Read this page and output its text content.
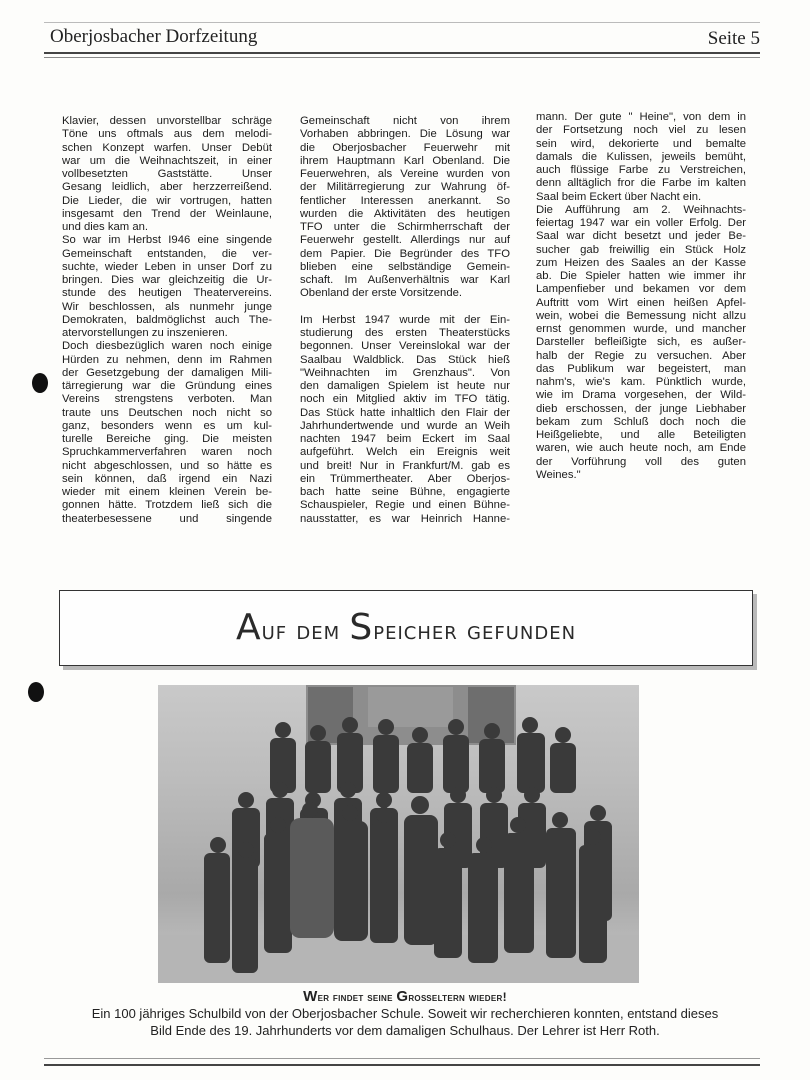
Oberjosbacher Dorfzeitung	Seite 5
Klavier, dessen unvorstellbar schräge
Töne uns oftmals aus dem melodi-
schen Konzept warfen. Unser Debüt
war um die Weihnachtszeit, in einer
vollbesetzten Gaststätte. Unser
Gesang leidlich, aber herzzerreißend.
Die Lieder, die wir vortrugen, hatten
insgesamt den Trend der Weinlaune,
und dies kam an.
So war im Herbst I946 eine singende
Gemeinschaft entstanden, die ver-
suchte, wieder Leben in unser Dorf zu
bringen. Dies war gleichzeitig die Ur-
stunde des heutigen Theatervereins.
Wir beschlossen, als nunmehr junge
Demokraten, baldmöglichst auch The-
atervorstellungen zu inszenieren.
Doch diesbezüglich waren noch einige
Hürden zu nehmen, denn im Rahmen
der Gesetzgebung der damaligen Mili-
tärregierung war die Gründung eines
Vereins strengstens verboten. Man
traute uns Deutschen noch nicht so
ganz, besonders wenn es um kul-
turelle Bereiche ging. Die meisten
Spruchkammerverfahren waren noch
nicht abgeschlossen, und so hätte es
sein können, daß irgend ein Nazi
wieder mit einem kleinen Verein be-
gonnen hätte. Trotzdem ließ sich die
theaterbesessene und singende
Gemeinschaft nicht von ihrem
Vorhaben abbringen. Die Lösung war
die Oberjosbacher Feuerwehr mit
ihrem Hauptmann Karl Obenland. Die
Feuerwehren, als Vereine wurden von
der Militärregierung zur Wahrung öf-
fentlicher Interessen anerkannt. So
wurden die Aktivitäten des heutigen
TFO unter die Schirmherrschaft der
Feuerwehr gestellt. Allerdings nur auf
dem Papier. Die Begründer des TFO
blieben eine selbständige Gemein-
schaft. Im Außenverhältnis war Karl
Obenland der erste Vorsitzende.
Im Herbst 1947 wurde mit der Ein-
studierung des ersten Theaterstücks
begonnen. Unser Vereinslokal war der
Saalbau Waldblick. Das Stück hieß
"Weihnachten im Grenzhaus". Von
den damaligen Spielem ist heute nur
noch ein Mitglied aktiv im TFO tätig.
Das Stück hatte inhaltlich den Flair der
Jahrhundertwende und wurde an Weih
nachten 1947 beim Eckert im Saal
aufgeführt. Welch ein Ereignis weit
und breit! Nur in Frankfurt/M. gab es
ein Trümmertheater. Aber Oberjos-
bach hatte seine Bühne, engagierte
Schauspieler, Regie und einen Bühne-
nausstatter, es war Heinrich Hanne-
mann. Der gute " Heine", von dem in
der Fortsetzung noch viel zu lesen
sein wird, dekorierte und bemalte
damals die Kulissen, jeweils bemüht,
auch flüssige Farbe zu Verstreichen,
denn alltäglich fror die Farbe im kalten
Saal beim Eckert über Nacht ein.
Die Aufführung am 2. Weihnachts-
feiertag 1947 war ein voller Erfolg. Der
Saal war dicht besetzt und jeder Be-
sucher gab freiwillig ein Stück Holz
zum Heizen des Saales an der Kasse
ab. Die Spieler hatten wie immer ihr
Lampenfieber und bekamen vor dem
Auftritt vom Wirt einen heißen Apfel-
wein, wobei die Bemessung nicht allzu
ernst genommen wurde, und mancher
Darsteller befleißigte sich, es außer-
halb der Regie zu versuchen. Aber
das Publikum war begeistert, man
nahm's, wie's kam. Pünktlich wurde,
wie im Drama vorgesehen, der Wild-
dieb erschossen, der junge Liebhaber
bekam zum Schluß doch noch die
Heißgeliebte, und alle Beteiligten
waren, wie auch heute noch, am Ende
der Vorführung voll des guten
Weines."
Auf dem Speicher gefunden
Wer findet seine Großeltern wieder!
Ein 100 jähriges Schulbild von der Oberjosbacher Schule. Soweit wir recherchieren konnten, entstand dieses
Bild Ende des 19. Jahrhunderts vor dem damaligen Schulhaus. Der Lehrer ist Herr Roth.
